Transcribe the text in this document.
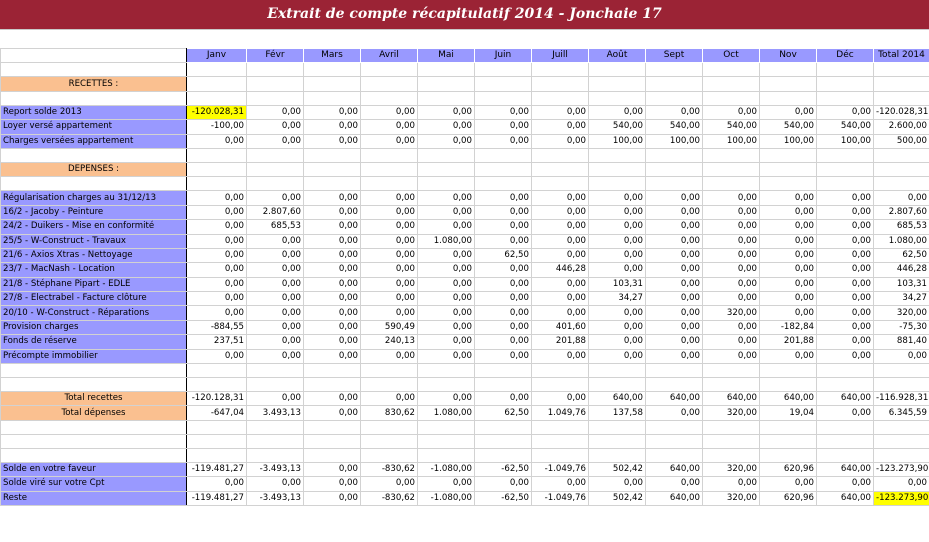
Extrait de compte récapitulatif 2014 - Jonchaie 17
	Janv	Févr	Mars	Avril	Mai	Juin	Juill	Août	Sept	Oct	Nov	Déc	Total 2014

RECETTES :													

Report solde 2013	-120.028,31	0,00	0,00	0,00	0,00	0,00	0,00	0,00	0,00	0,00	0,00	0,00	-120.028,31
Loyer versé appartement	-100,00	0,00	0,00	0,00	0,00	0,00	0,00	540,00	540,00	540,00	540,00	540,00	2.600,00
Charges versées appartement	0,00	0,00	0,00	0,00	0,00	0,00	0,00	100,00	100,00	100,00	100,00	100,00	500,00

DEPENSES :													

Régularisation charges au 31/12/13	0,00	0,00	0,00	0,00	0,00	0,00	0,00	0,00	0,00	0,00	0,00	0,00	0,00
16/2 - Jacoby - Peinture	0,00	2.807,60	0,00	0,00	0,00	0,00	0,00	0,00	0,00	0,00	0,00	0,00	2.807,60
24/2 - Duikers - Mise en conformité	0,00	685,53	0,00	0,00	0,00	0,00	0,00	0,00	0,00	0,00	0,00	0,00	685,53
25/5 - W-Construct - Travaux	0,00	0,00	0,00	0,00	1.080,00	0,00	0,00	0,00	0,00	0,00	0,00	0,00	1.080,00
21/6 - Axios Xtras - Nettoyage	0,00	0,00	0,00	0,00	0,00	62,50	0,00	0,00	0,00	0,00	0,00	0,00	62,50
23/7 - MacNash - Location	0,00	0,00	0,00	0,00	0,00	0,00	446,28	0,00	0,00	0,00	0,00	0,00	446,28
21/8 - Stéphane Pipart - EDLE	0,00	0,00	0,00	0,00	0,00	0,00	0,00	103,31	0,00	0,00	0,00	0,00	103,31
27/8 - Electrabel - Facture clôture	0,00	0,00	0,00	0,00	0,00	0,00	0,00	34,27	0,00	0,00	0,00	0,00	34,27
20/10 - W-Construct - Réparations	0,00	0,00	0,00	0,00	0,00	0,00	0,00	0,00	0,00	320,00	0,00	0,00	320,00
Provision charges	-884,55	0,00	0,00	590,49	0,00	0,00	401,60	0,00	0,00	0,00	-182,84	0,00	-75,30
Fonds de réserve	237,51	0,00	0,00	240,13	0,00	0,00	201,88	0,00	0,00	0,00	201,88	0,00	881,40
Précompte immobilier	0,00	0,00	0,00	0,00	0,00	0,00	0,00	0,00	0,00	0,00	0,00	0,00	0,00

Total recettes	-120.128,31	0,00	0,00	0,00	0,00	0,00	0,00	640,00	640,00	640,00	640,00	640,00	-116.928,31
Total dépenses	-647,04	3.493,13	0,00	830,62	1.080,00	62,50	1.049,76	137,58	0,00	320,00	19,04	0,00	6.345,59

Solde en votre faveur	-119.481,27	-3.493,13	0,00	-830,62	-1.080,00	-62,50	-1.049,76	502,42	640,00	320,00	620,96	640,00	-123.273,90
Solde viré sur votre Cpt	0,00	0,00	0,00	0,00	0,00	0,00	0,00	0,00	0,00	0,00	0,00	0,00	0,00
Reste	-119.481,27	-3.493,13	0,00	-830,62	-1.080,00	-62,50	-1.049,76	502,42	640,00	320,00	620,96	640,00	-123.273,90
